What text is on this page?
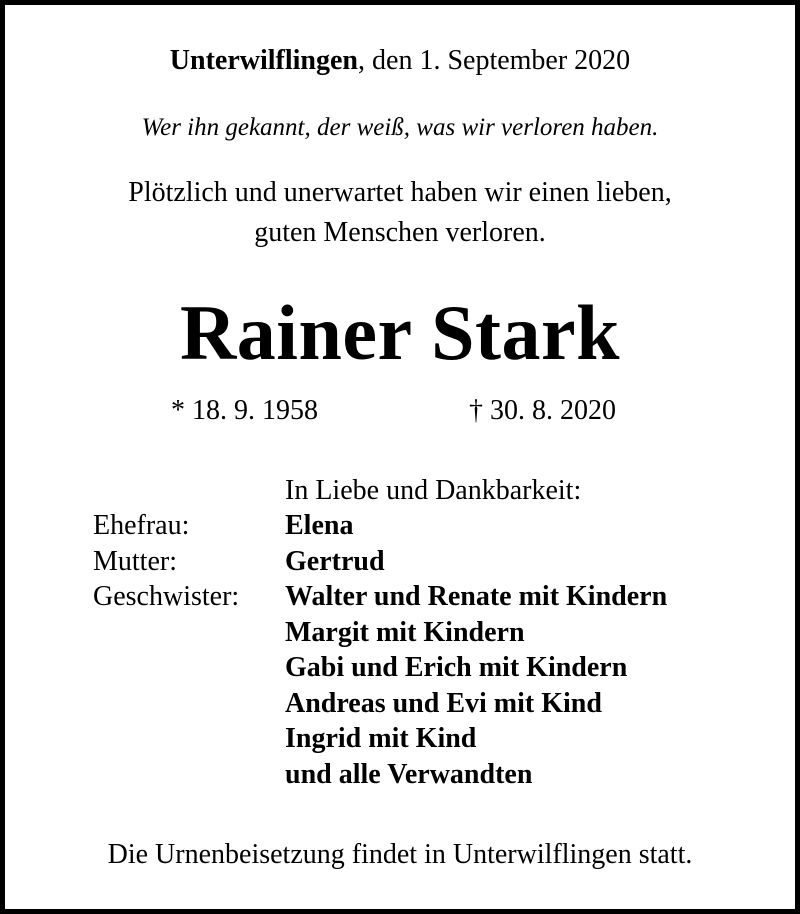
Unterwilflingen, den 1. September 2020
Wer ihn gekannt, der weiß, was wir verloren haben.
Plötzlich und unerwartet haben wir einen lieben,
guten Menschen verloren.
Rainer Stark
* 18. 9. 1958	† 30. 8. 2020
In Liebe und Dankbarkeit:
Ehefrau:	Elena
Mutter:	Gertrud
Geschwister:	Walter und Renate mit Kindern
Margit mit Kindern
Gabi und Erich mit Kindern
Andreas und Evi mit Kind
Ingrid mit Kind
und alle Verwandten
Die Urnenbeisetzung findet in Unterwilflingen statt.
